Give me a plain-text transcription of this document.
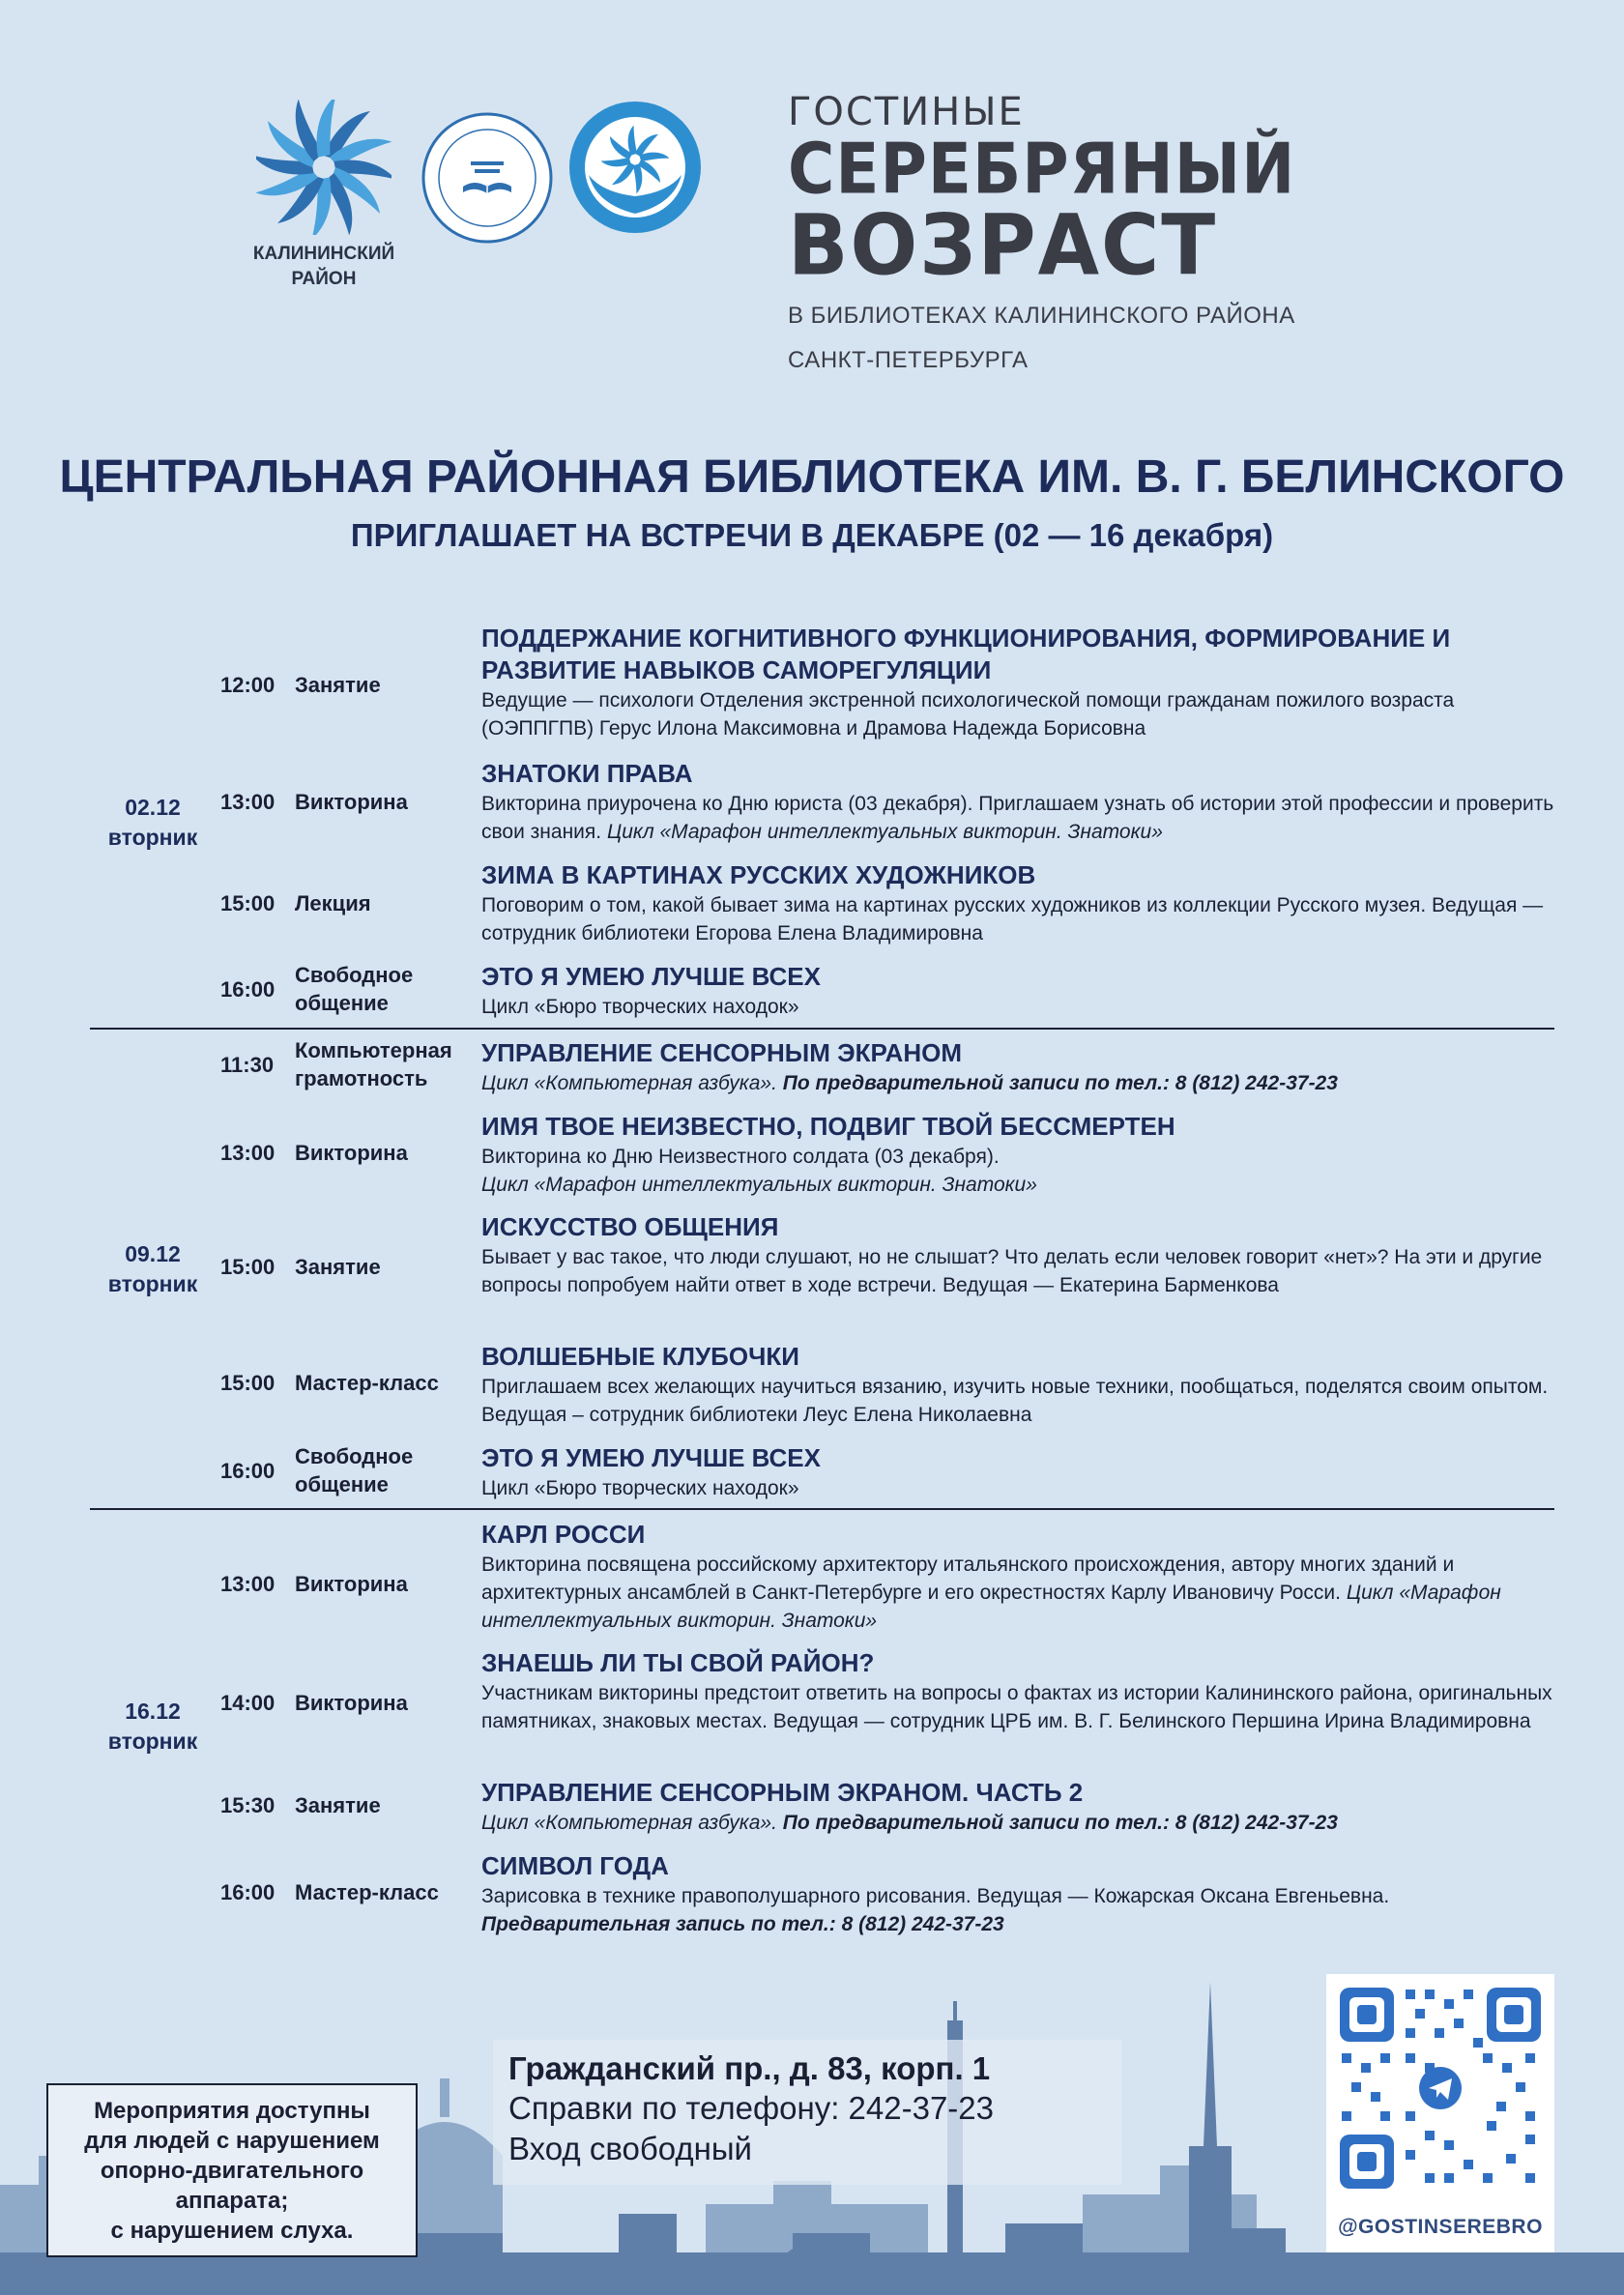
КАЛИНИНСКИЙ
РАЙОН
ГОСТИНЫЕ
СЕРЕБРЯНЫЙ
ВОЗРАСТ
В БИБЛИОТЕКАХ КАЛИНИНСКОГО РАЙОНА
САНКТ-ПЕТЕРБУРГА
ЦЕНТРАЛЬНАЯ РАЙОННАЯ БИБЛИОТЕКА ИМ. В. Г. БЕЛИНСКОГО
ПРИГЛАШАЕТ НА ВСТРЕЧИ В ДЕКАБРЕ (02 — 16 декабря)
02.12
вторник
12:00 Занятие
ПОДДЕРЖАНИЕ КОГНИТИВНОГО ФУНКЦИОНИРОВАНИЯ, ФОРМИРОВАНИЕ И РАЗВИТИЕ НАВЫКОВ САМОРЕГУЛЯЦИИ
Ведущие — психологи Отделения экстренной психологической помощи гражданам пожилого возраста (ОЭППГПВ) Герус Илона Максимовна и Драмова Надежда Борисовна
13:00 Викторина
ЗНАТОКИ ПРАВА
Викторина приурочена ко Дню юриста (03 декабря). Приглашаем узнать об истории этой профессии и проверить свои знания. Цикл «Марафон интеллектуальных викторин. Знатоки»
15:00 Лекция
ЗИМА В КАРТИНАХ РУССКИХ ХУДОЖНИКОВ
Поговорим о том, какой бывает зима на картинах русских художников из коллекции Русского музея. Ведущая — сотрудник библиотеки Егорова Елена Владимировна
16:00
Свободное общение
ЭТО Я УМЕЮ ЛУЧШЕ ВСЕХ
Цикл «Бюро творческих находок»
09.12
вторник
11:30
Компьютерная грамотность
УПРАВЛЕНИЕ СЕНСОРНЫМ ЭКРАНОМ
Цикл «Компьютерная азбука». По предварительной записи по тел.: 8 (812) 242-37-23
13:00 Викторина
ИМЯ ТВОЕ НЕИЗВЕСТНО, ПОДВИГ ТВОЙ БЕССМЕРТЕН
Викторина ко Дню Неизвестного солдата (03 декабря).
Цикл «Марафон интеллектуальных викторин. Знатоки»
15:00 Занятие
ИСКУССТВО ОБЩЕНИЯ
Бывает у вас такое, что люди слушают, но не слышат? Что делать если человек говорит «нет»? На эти и другие вопросы попробуем найти ответ в ходе встречи. Ведущая — Екатерина Барменкова
15:00 Мастер-класс
ВОЛШЕБНЫЕ КЛУБОЧКИ
Приглашаем всех желающих научиться вязанию, изучить новые техники, пообщаться, поделятся своим опытом. Ведущая – сотрудник библиотеки Леус Елена Николаевна
16:00
Свободное общение
ЭТО Я УМЕЮ ЛУЧШЕ ВСЕХ
Цикл «Бюро творческих находок»
16.12
вторник
13:00 Викторина
КАРЛ РОССИ
Викторина посвящена российскому архитектору итальянского происхождения, автору многих зданий и архитектурных ансамблей в Санкт-Петербурге и его окрестностях Карлу Ивановичу Росси. Цикл «Марафон интеллектуальных викторин. Знатоки»
14:00 Викторина
ЗНАЕШЬ ЛИ ТЫ СВОЙ РАЙОН?
Участникам викторины предстоит ответить на вопросы о фактах из истории Калининского района, оригинальных памятниках, знаковых местах. Ведущая — сотрудник ЦРБ им. В. Г. Белинского Першина Ирина Владимировна
15:30 Занятие	УПРАВЛЕНИЕ СЕНСОРНЫМ ЭКРАНОМ. ЧАСТЬ 2
Цикл «Компьютерная азбука». По предварительной записи по тел.: 8 (812) 242-37-23
16:00 Мастер-класс
СИМВОЛ ГОДА
Зарисовка в технике правополушарного рисования. Ведущая — Кожарская Оксана Евгеньевна.
Предварительная запись по тел.: 8 (812) 242-37-23
Гражданский пр., д. 83, корп. 1
Справки по телефону: 242-37-23
Вход свободный
Мероприятия доступны
для людей с нарушением
опорно-двигательного
аппарата;
с нарушением слуха.	@GOSTINSEREBRO
